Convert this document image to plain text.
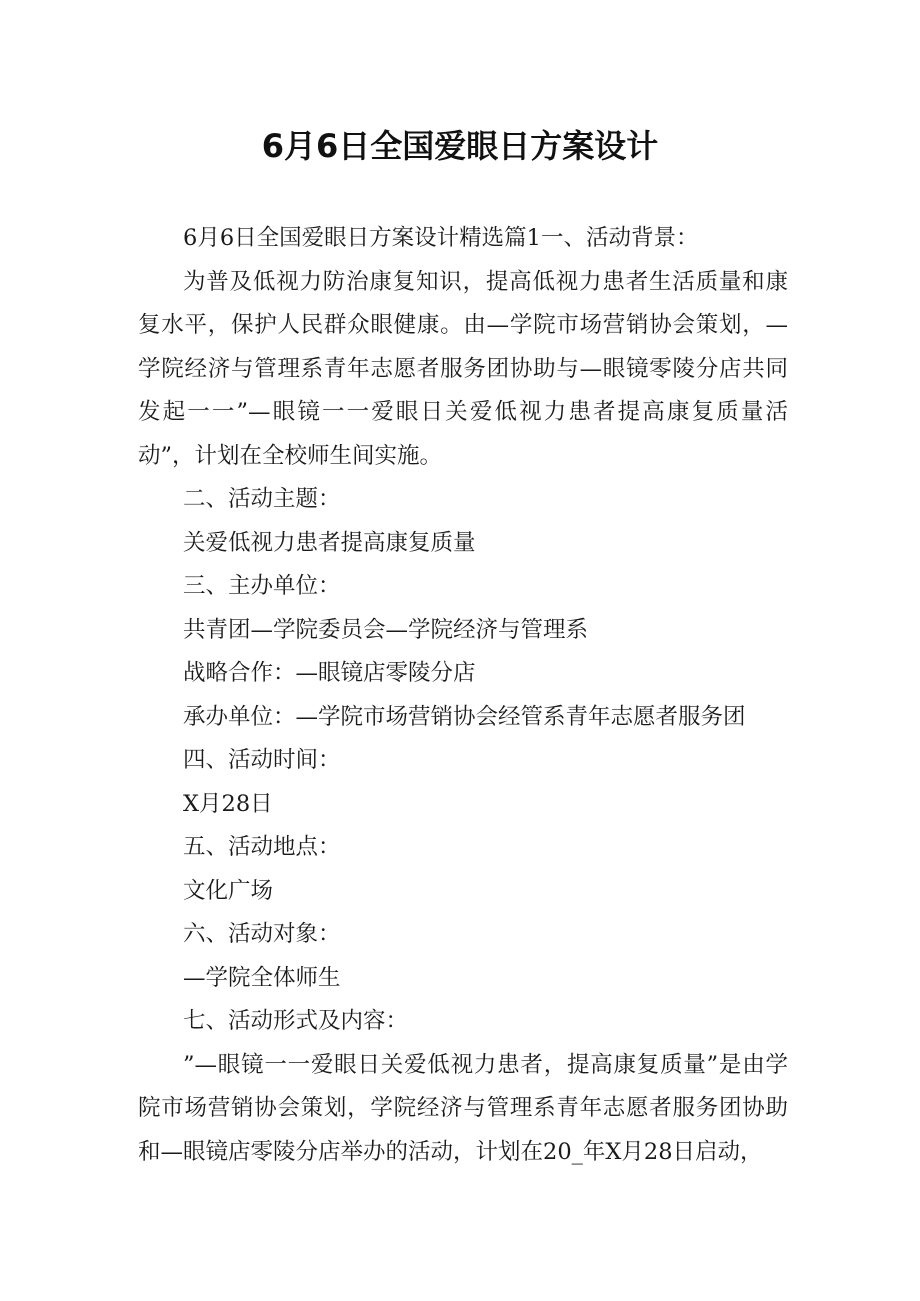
6月6日全国爱眼日方案设计

6月6日全国爱眼日方案设计精选篇1一、活动背景：

为普及低视力防治康复知识，提高低视力患者生活质量和康复水平，保护人民群众眼健康。由—学院市场营销协会策划，—学院经济与管理系青年志愿者服务团协助与—眼镜零陵分店共同发起一一”—眼镜一一爱眼日关爱低视力患者提高康复质量活动”，计划在全校师生间实施。

二、活动主题：

关爱低视力患者提高康复质量

三、主办单位：

共青团—学院委员会—学院经济与管理系

战略合作：—眼镜店零陵分店

承办单位：—学院市场营销协会经管系青年志愿者服务团

四、活动时间：

X月28日

五、活动地点：

文化广场

六、活动对象：

—学院全体师生

七、活动形式及内容：

”—眼镜一一爱眼日关爱低视力患者，提高康复质量”是由学院市场营销协会策划，学院经济与管理系青年志愿者服务团协助和—眼镜店零陵分店举办的活动，计划在20_年X月28日启动，
